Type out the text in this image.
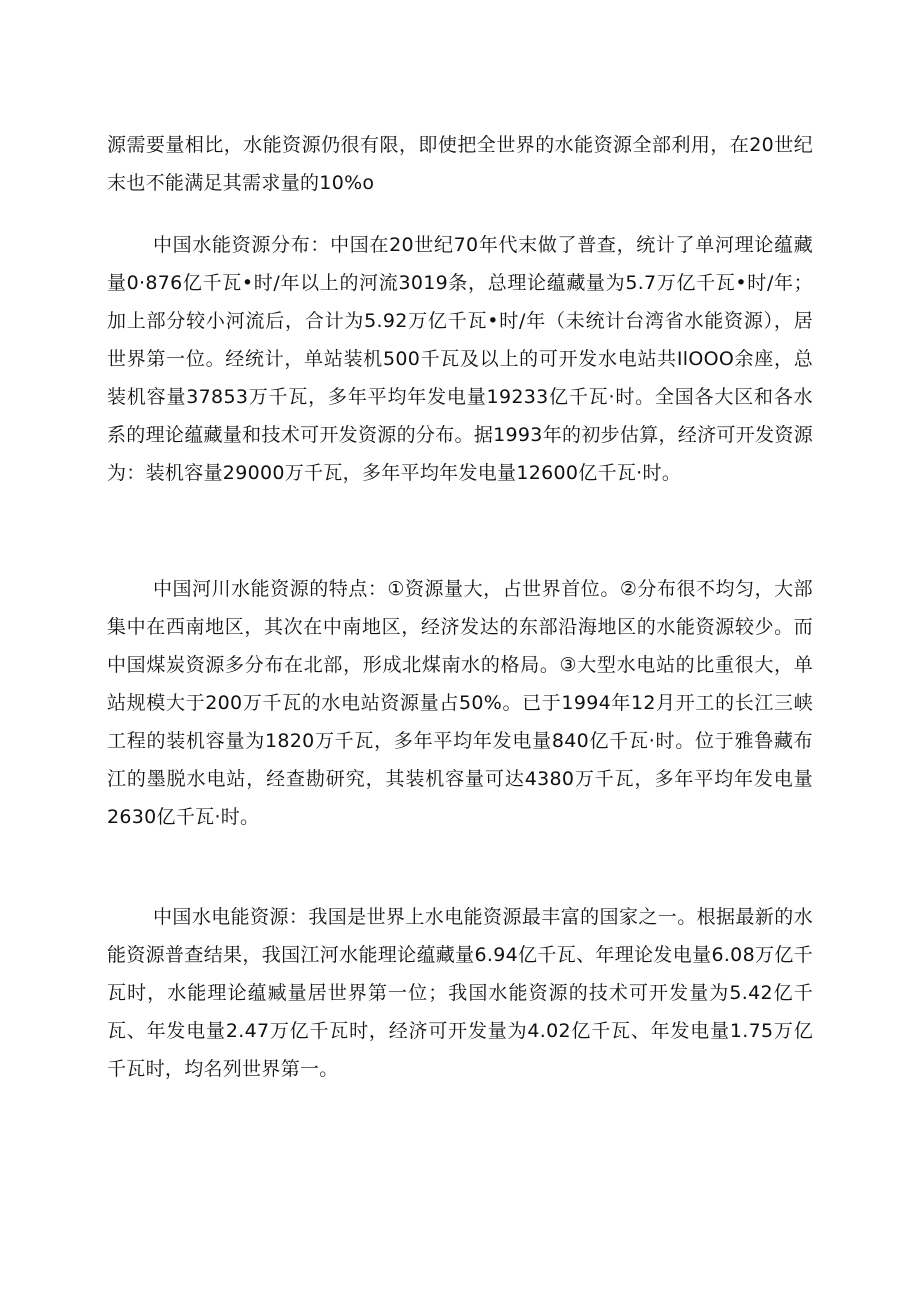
源需要量相比，水能资源仍很有限，即使把全世界的水能资源全部利用，在20世纪末也不能满足其需求量的10%o

中国水能资源分布：中国在20世纪70年代末做了普查，统计了单河理论蕴藏量0·876亿千瓦•时/年以上的河流3019条，总理论蕴藏量为5.7万亿千瓦•时/年；加上部分较小河流后，合计为5.92万亿千瓦•时/年（未统计台湾省水能资源），居世界第一位。经统计，单站装机500千瓦及以上的可开发水电站共IlOOO余座，总装机容量37853万千瓦，多年平均年发电量19233亿千瓦·时。全国各大区和各水系的理论蕴藏量和技术可开发资源的分布。据1993年的初步估算，经济可开发资源为：装机容量29000万千瓦，多年平均年发电量12600亿千瓦·时。

中国河川水能资源的特点：①资源量大，占世界首位。②分布很不均匀，大部集中在西南地区，其次在中南地区，经济发达的东部沿海地区的水能资源较少。而中国煤炭资源多分布在北部，形成北煤南水的格局。③大型水电站的比重很大，单站规模大于200万千瓦的水电站资源量占50%。已于1994年12月开工的长江三峡工程的装机容量为1820万千瓦，多年平均年发电量840亿千瓦·时。位于雅鲁藏布江的墨脱水电站，经查勘研究，其装机容量可达4380万千瓦，多年平均年发电量2630亿千瓦·时。

中国水电能资源：我国是世界上水电能资源最丰富的国家之一。根据最新的水能资源普查结果，我国江河水能理论蕴藏量6.94亿千瓦、年理论发电量6.08万亿千瓦时，水能理论蕴臧量居世界第一位；我国水能资源的技术可开发量为5.42亿千瓦、年发电量2.47万亿千瓦时，经济可开发量为4.02亿千瓦、年发电量1.75万亿千瓦时，均名列世界第一。
